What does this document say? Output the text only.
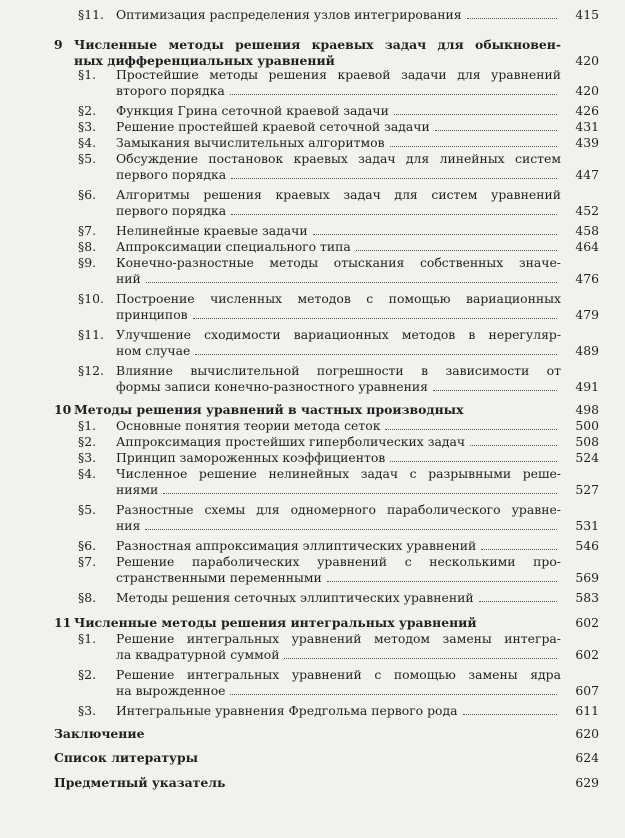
§11. Оптимизация распределения узлов интегрирования	415
9 Численные методы решения краевых задач для обыкновен-
ных дифференциальных уравнений	420
§1. Простейшие методы решения краевой задачи для уравнений
второго порядка	420
§2. Функция Грина сеточной краевой задачи	426
§3. Решение простейшей краевой сеточной задачи	431
§4. Замыкания вычислительных алгоритмов	439
§5. Обсуждение постановок краевых задач для линейных систем
первого порядка	447
§6. Алгоритмы решения краевых задач для систем уравнений
первого порядка	452
§7. Нелинейные краевые задачи	458
§8. Аппроксимации специального типа	464
§9. Конечно-разностные методы отыскания собственных значе-
ний	476
§10. Построение численных методов с помощью вариационных
принципов	479
§11. Улучшение сходимости вариационных методов в нерегуляр-
ном случае	489
§12. Влияние вычислительной погрешности в зависимости от
формы записи конечно-разностного уравнения	491
10 Методы решения уравнений в частных производных	498
§1. Основные понятия теории метода сеток	500
§2. Аппроксимация простейших гиперболических задач	508
§3. Принцип замороженных коэффициентов	524
§4. Численное решение нелинейных задач с разрывными реше-
ниями	527
§5. Разностные схемы для одномерного параболического уравне-
ния	531
§6. Разностная аппроксимация эллиптических уравнений	546
§7. Решение параболических уравнений с несколькими про-
странственными переменными	569
§8. Методы решения сеточных эллиптических уравнений	583
11 Численные методы решения интегральных уравнений	602
§1. Решение интегральных уравнений методом замены интегра-
ла квадратурной суммой	602
§2. Решение интегральных уравнений с помощью замены ядра
на вырожденное	607
§3. Интегральные уравнения Фредгольма первого рода	611
Заключение	620
Список литературы	624
Предметный указатель	629
